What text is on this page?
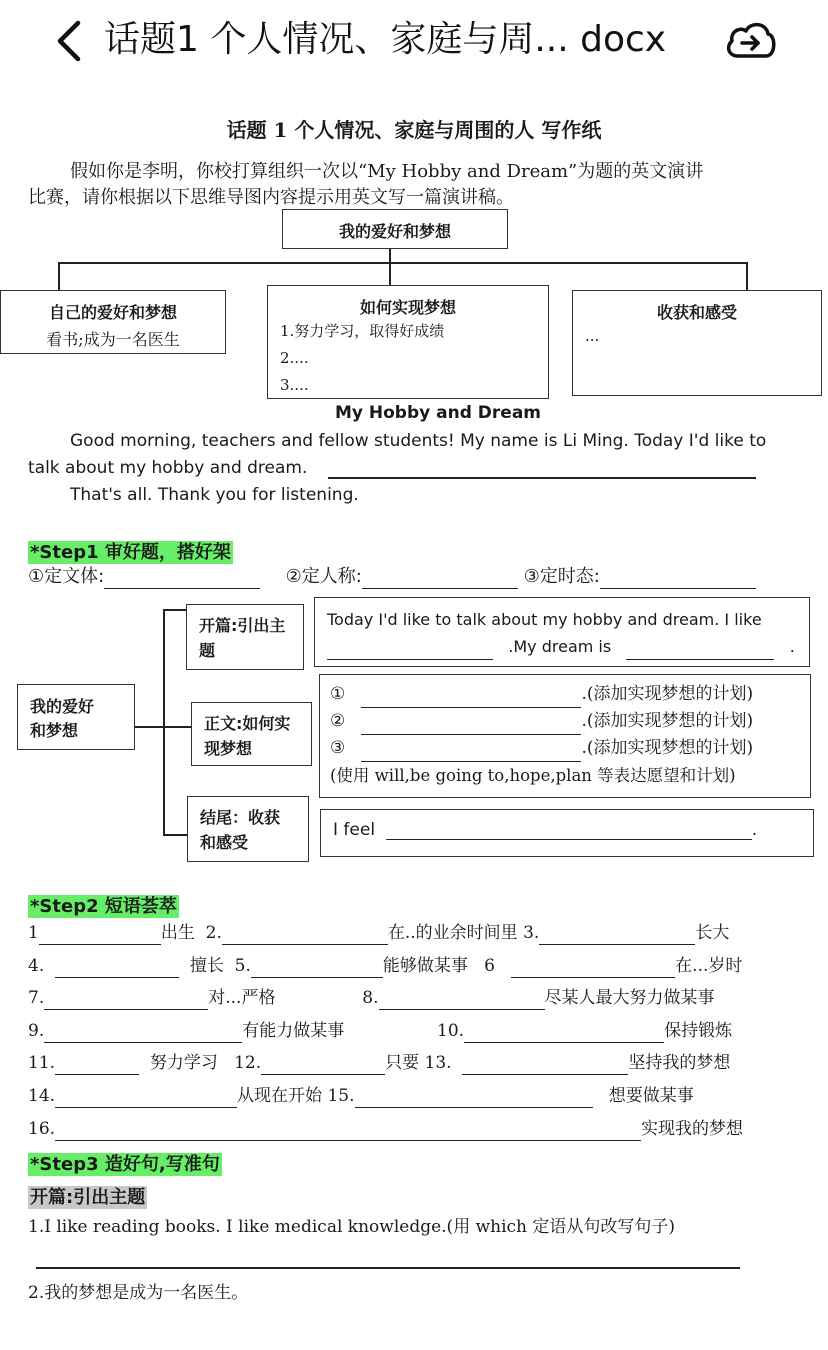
话题1 个人情况、家庭与周... docx
话题 1 个人情况、家庭与周围的人 写作纸
假如你是李明，你校打算组织一次以“My Hobby and Dream”为题的英文演讲
比赛，请你根据以下思维导图内容提示用英文写一篇演讲稿。
我的爱好和梦想
自己的爱好和梦想
看书;成为一名医生
如何实现梦想
1.努力学习，取得好成绩
2....
3....
收获和感受
...
My Hobby and Dream
Good morning, teachers and fellow students! My name is Li Ming. Today I'd like to
talk about my hobby and dream.
That's all. Thank you for listening.
*Step1 审好题，搭好架
①定文体:	②定人称:	③定时态:
我的爱好
和梦想
开篇:引出主
题
正文:如何实
现梦想
结尾：收获
和感受
Today I'd like to talk about my hobby and dream. I like
.My dream is	.
①	.(添加实现梦想的计划)
②	.(添加实现梦想的计划)
③	.(添加实现梦想的计划)
(使用 will,be going to,hope,plan 等表达愿望和计划)
I feel	.
*Step2 短语荟萃
1	出生 2.	在..的业余时间里 3.	长大
4.	擅长 5.	能够做某事 6	在...岁时
7.	对...严格	8.	尽某人最大努力做某事
9.	有能力做某事	10.	保持锻炼
11.	努力学习 12.	只要 13.	坚持我的梦想
14.	从现在开始 15.	想要做某事
16.	实现我的梦想
*Step3 造好句,写准句
开篇:引出主题
1.I like reading books. I like medical knowledge.(用 which 定语从句改写句子)
2.我的梦想是成为一名医生。
